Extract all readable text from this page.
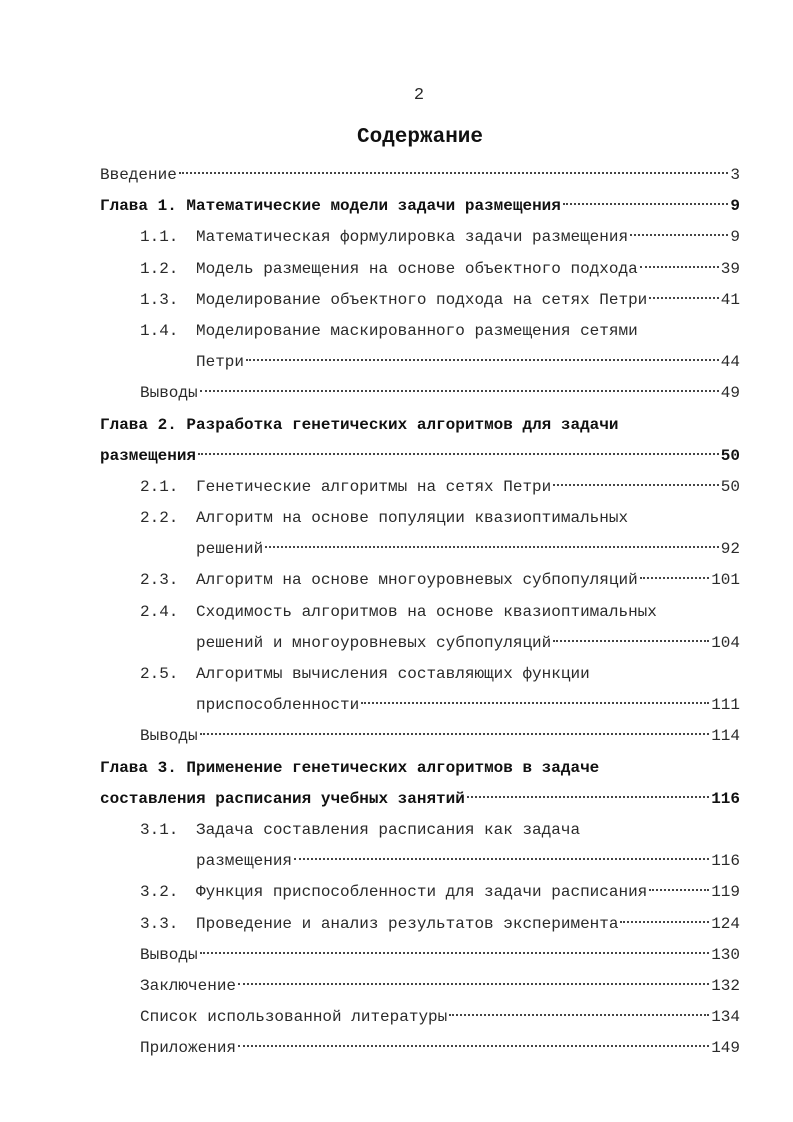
2
Содержание
Введение	3
Глава 1. Математические модели задачи размещения	9
1.1.	Математическая формулировка задачи размещения	9
1.2.	Модель размещения на основе объектного подхода	39
1.3.	Моделирование объектного подхода на сетях Петри	41
1.4.	Моделирование маскированного размещения сетями
Петри	44
Выводы	49
Глава 2. Разработка генетических алгоритмов для задачи
размещения	50
2.1.	Генетические алгоритмы на сетях Петри	50
2.2.	Алгоритм на основе популяции квазиоптимальных
решений	92
2.3.	Алгоритм на основе многоуровневых субпопуляций	101
2.4.	Сходимость алгоритмов на основе квазиоптимальных
решений и многоуровневых субпопуляций	104
2.5.	Алгоритмы вычисления составляющих функции
приспособленности	111
Выводы	114
Глава 3. Применение генетических алгоритмов в задаче
составления расписания учебных занятий	116
3.1.	Задача составления расписания как задача
размещения	116
3.2.	Функция приспособленности для задачи расписания	119
3.3.	Проведение и анализ результатов эксперимента	124
Выводы	130
Заключение	132
Список использованной литературы	134
Приложения	149
